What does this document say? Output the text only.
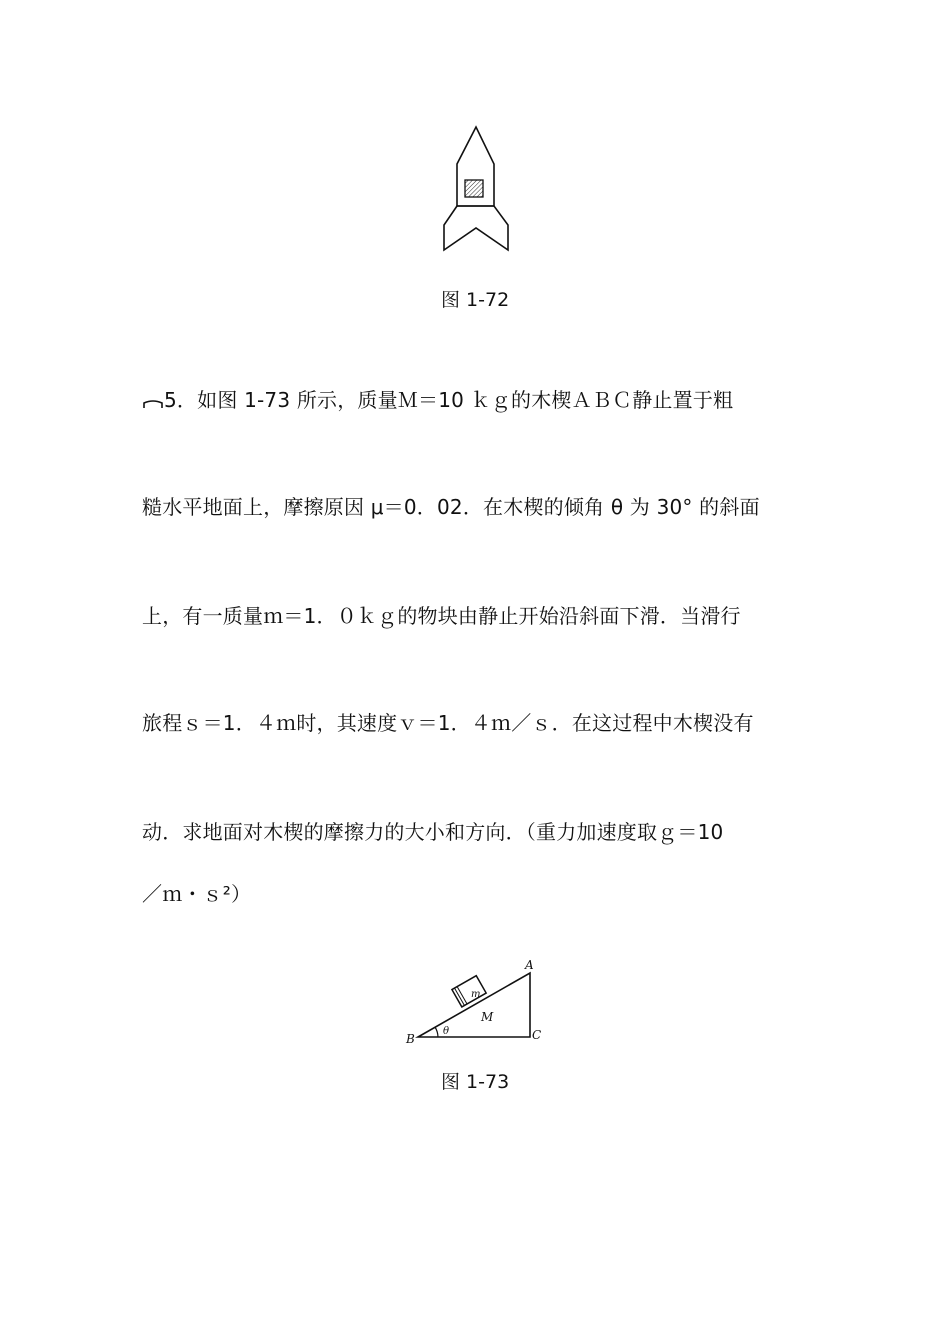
图 1-72
5．如图 1-73 所示，质量Ｍ＝10 ｋｇ的木楔ＡＢＣ静止置于粗
糙水平地面上，摩擦原因 μ＝0．02．在木楔的倾角 θ 为 30° 的斜面
上，有一质量ｍ＝1．０ｋｇ的物块由静止开始沿斜面下滑．当滑行
旅程ｓ＝1．４ｍ时，其速度ｖ＝1．４ｍ／ｓ．在这过程中木楔没有
动．求地面对木楔的摩擦力的大小和方向．（重力加速度取ｇ＝10
／ｍ・ｓ²）
A
B	C
M
m
θ
图 1-73
